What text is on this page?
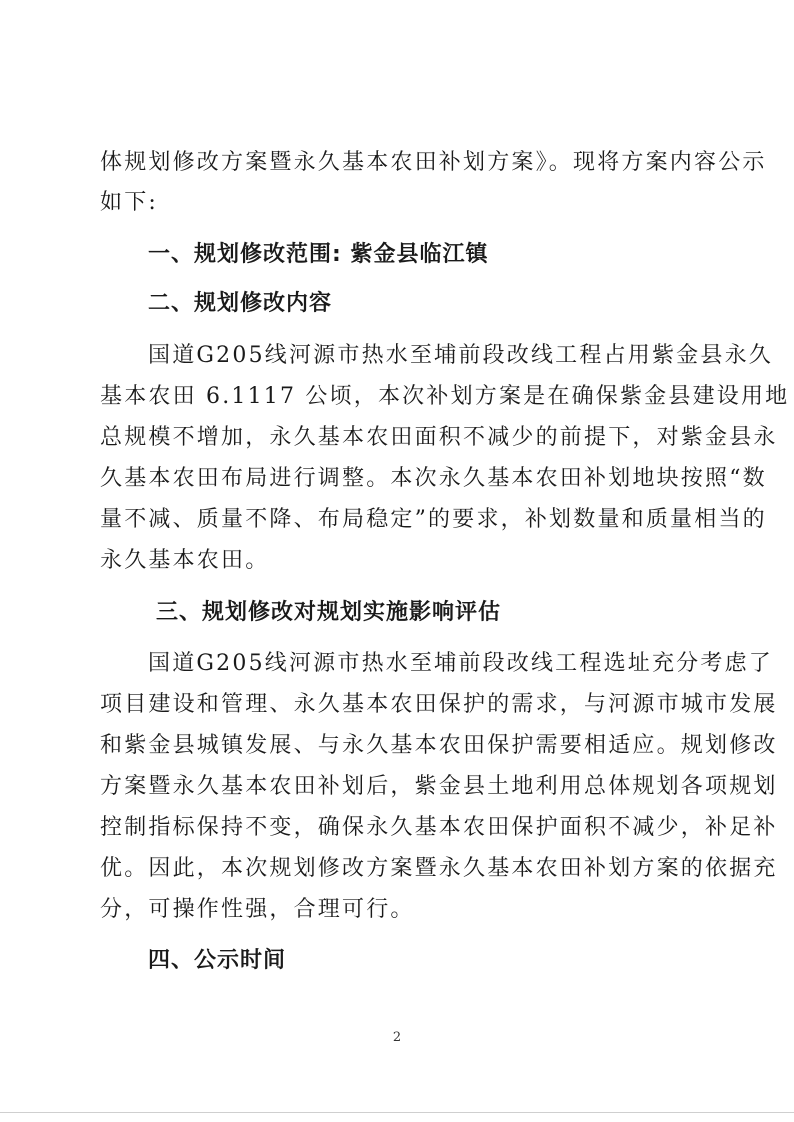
体规划修改方案暨永久基本农田补划方案》。现将方案内容公示
如下:
一、规划修改范围: 紫金县临江镇
二、规划修改内容
国道G205线河源市热水至埔前段改线工程占用紫金县永久
基本农田 6.1117 公顷，本次补划方案是在确保紫金县建设用地
总规模不增加，永久基本农田面积不减少的前提下，对紫金县永
久基本农田布局进行调整。本次永久基本农田补划地块按照“数
量不减、质量不降、布局稳定”的要求，补划数量和质量相当的
永久基本农田。
三、规划修改对规划实施影响评估
国道G205线河源市热水至埔前段改线工程选址充分考虑了
项目建设和管理、永久基本农田保护的需求，与河源市城市发展
和紫金县城镇发展、与永久基本农田保护需要相适应。规划修改
方案暨永久基本农田补划后，紫金县土地利用总体规划各项规划
控制指标保持不变，确保永久基本农田保护面积不减少，补足补
优。因此，本次规划修改方案暨永久基本农田补划方案的依据充
分，可操作性强，合理可行。
四、公示时间
2
